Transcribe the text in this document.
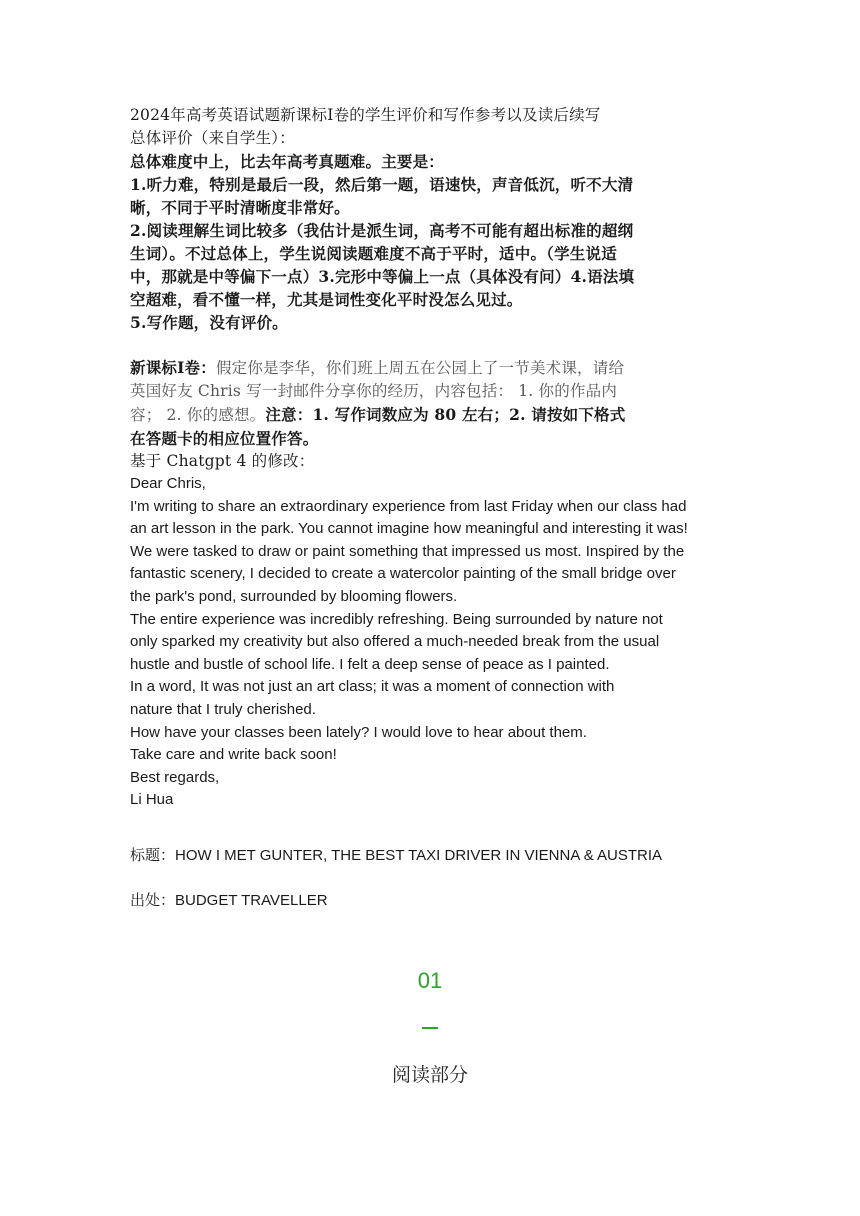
2024年高考英语试题新课标Ⅰ卷的学生评价和写作参考以及读后续写
总体评价（来自学生）：
总体难度中上，比去年高考真题难。主要是：
1.听力难，特别是最后一段，然后第一题，语速快，声音低沉，听不大清
晰，不同于平时清晰度非常好。
2.阅读理解生词比较多（我估计是派生词，高考不可能有超出标准的超纲
生词）。不过总体上，学生说阅读题难度不高于平时，适中。（学生说适
中，那就是中等偏下一点）3.完形中等偏上一点（具体没有问）4.语法填
空超难，看不懂一样，尤其是词性变化平时没怎么见过。
5.写作题，没有评价。
新课标Ⅰ卷：假定你是李华，你们班上周五在公园上了一节美术课，请给
英国好友 Chris 写一封邮件分享你的经历，内容包括： 1. 你的作品内
容； 2. 你的感想。注意：1. 写作词数应为 80 左右；2. 请按如下格式
在答题卡的相应位置作答。
基于 Chatgpt 4 的修改：
Dear Chris,
I'm writing to share an extraordinary experience from last Friday when our class had
an art lesson in the park. You cannot imagine how meaningful and interesting it was!
We were tasked to draw or paint something that impressed us most. Inspired by the
fantastic scenery, I decided to create a watercolor painting of the small bridge over
the park's pond, surrounded by blooming flowers.
The entire experience was incredibly refreshing. Being surrounded by nature not
only sparked my creativity but also offered a much-needed break from the usual
hustle and bustle of school life. I felt a deep sense of peace as I painted.
In a word, It was not just an art class; it was a moment of connection with
nature that I truly cherished.
How have your classes been lately? I would love to hear about them.
Take care and write back soon!
Best regards,
Li Hua
标题：HOW I MET GUNTER, THE BEST TAXI DRIVER IN VIENNA & AUSTRIA
出处：BUDGET TRAVELLER
01
阅读部分
